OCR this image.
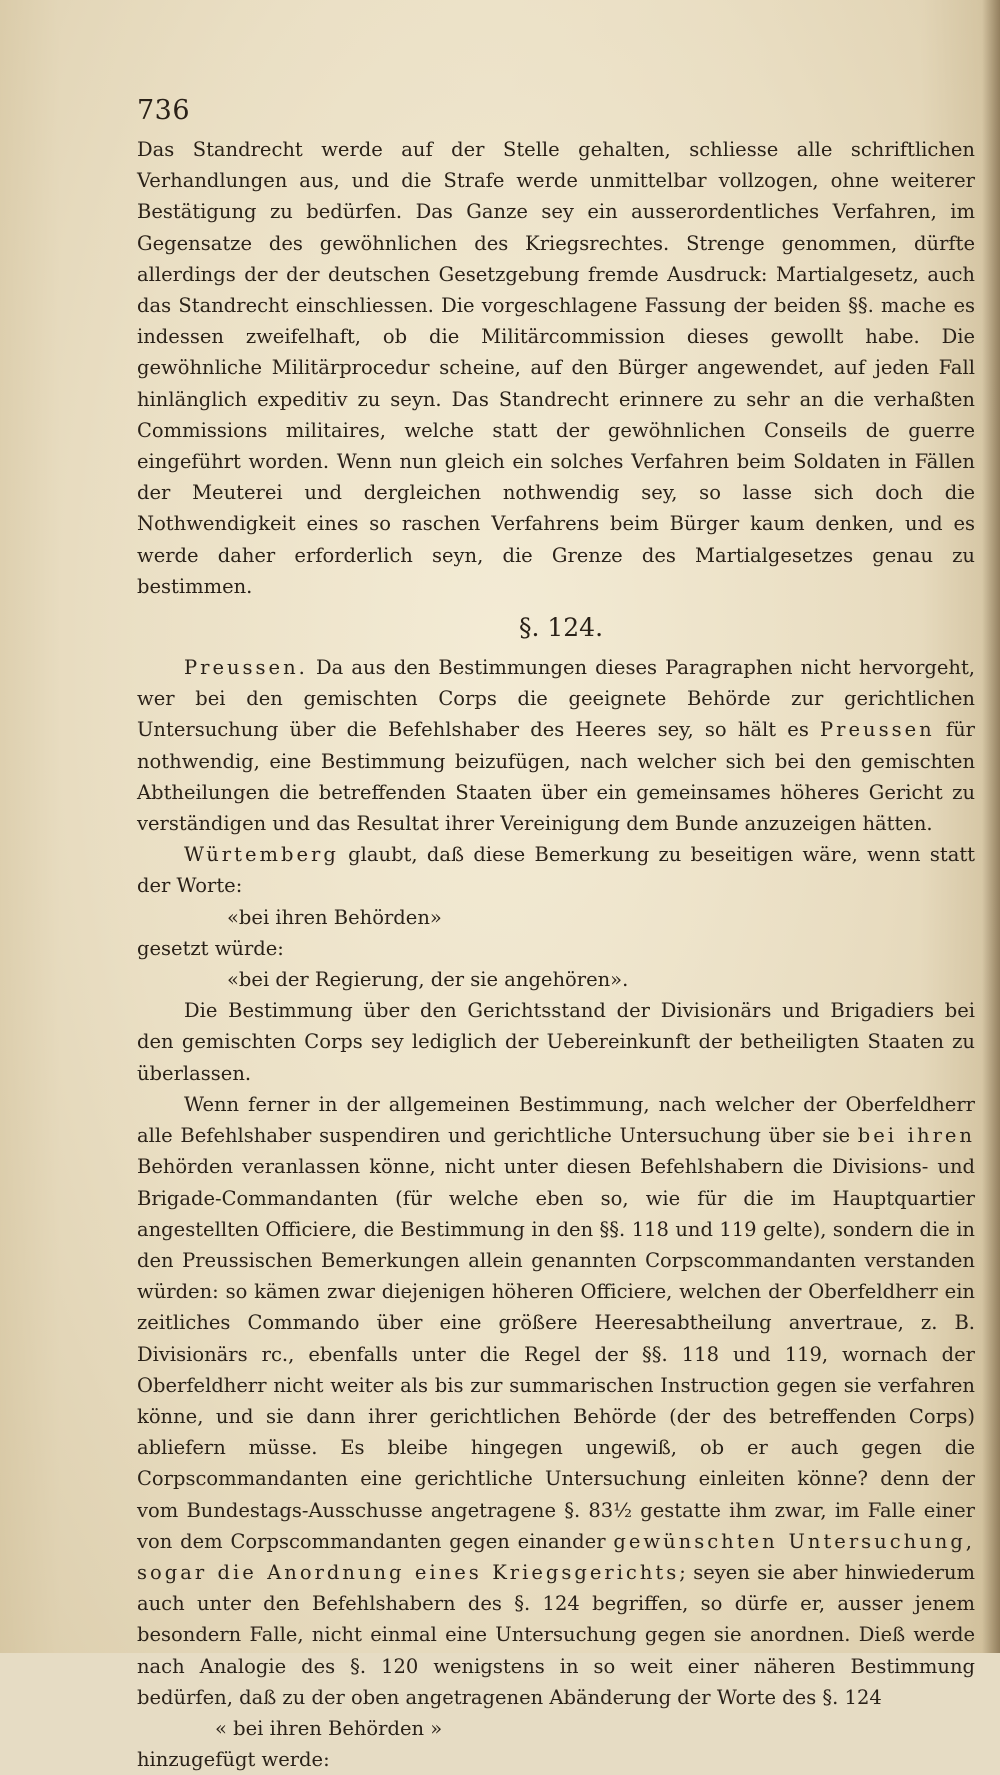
736

Das Standrecht werde auf der Stelle gehalten, schliesse alle schriftlichen Verhandlungen aus, und die Strafe werde unmittelbar vollzogen, ohne weiterer Bestätigung zu bedürfen. Das Ganze sey ein ausserordentliches Verfahren, im Gegensatze des gewöhnlichen des Kriegsrechtes. Strenge genommen, dürfte allerdings der der deutschen Gesetzgebung fremde Ausdruck: Martialgesetz, auch das Standrecht einschliessen. Die vorgeschlagene Fassung der beiden §§. mache es indessen zweifelhaft, ob die Militärcommission dieses gewollt habe. Die gewöhnliche Militärprocedur scheine, auf den Bürger angewendet, auf jeden Fall hinlänglich expeditiv zu seyn. Das Standrecht erinnere zu sehr an die verhaßten Commissions militaires, welche statt der gewöhnlichen Conseils de guerre eingeführt worden. Wenn nun gleich ein solches Verfahren beim Soldaten in Fällen der Meuterei und dergleichen nothwendig sey, so lasse sich doch die Nothwendigkeit eines so raschen Verfahrens beim Bürger kaum denken, und es werde daher erforderlich seyn, die Grenze des Martialgesetzes genau zu bestimmen.

§. 124.

Preussen. Da aus den Bestimmungen dieses Paragraphen nicht hervorgeht, wer bei den gemischten Corps die geeignete Behörde zur gerichtlichen Untersuchung über die Befehlshaber des Heeres sey, so hält es Preussen für nothwendig, eine Bestimmung beizufügen, nach welcher sich bei den gemischten Abtheilungen die betreffenden Staaten über ein gemeinsames höheres Gericht zu verständigen und das Resultat ihrer Vereinigung dem Bunde anzuzeigen hätten.

Würtemberg glaubt, daß diese Bemerkung zu beseitigen wäre, wenn statt der Worte:

«bei ihren Behörden»

gesetzt würde:

«bei der Regierung, der sie angehören».

Die Bestimmung über den Gerichtsstand der Divisionärs und Brigadiers bei den gemischten Corps sey lediglich der Uebereinkunft der betheiligten Staaten zu überlassen.

Wenn ferner in der allgemeinen Bestimmung, nach welcher der Oberfeldherr alle Befehlshaber suspendiren und gerichtliche Untersuchung über sie bei ihren Behörden veranlassen könne, nicht unter diesen Befehlshabern die Divisions- und Brigade-Commandanten (für welche eben so, wie für die im Hauptquartier angestellten Officiere, die Bestimmung in den §§. 118 und 119 gelte), sondern die in den Preussischen Bemerkungen allein genannten Corpscommandanten verstanden würden: so kämen zwar diejenigen höheren Officiere, welchen der Oberfeldherr ein zeitliches Commando über eine größere Heeresabtheilung anvertraue, z. B. Divisionärs rc., ebenfalls unter die Regel der §§. 118 und 119, wornach der Oberfeldherr nicht weiter als bis zur summarischen Instruction gegen sie verfahren könne, und sie dann ihrer gerichtlichen Behörde (der des betreffenden Corps) abliefern müsse. Es bleibe hingegen ungewiß, ob er auch gegen die Corpscommandanten eine gerichtliche Untersuchung einleiten könne? denn der vom Bundestags-Ausschusse angetragene §. 83½ gestatte ihm zwar, im Falle einer von dem Corpscommandanten gegen einander gewünschten Untersuchung, sogar die Anordnung eines Kriegsgerichts; seyen sie aber hinwiederum auch unter den Befehlshabern des §. 124 begriffen, so dürfe er, ausser jenem besondern Falle, nicht einmal eine Untersuchung gegen sie anordnen. Dieß werde nach Analogie des §. 120 wenigstens in so weit einer näheren Bestimmung bedürfen, daß zu der oben angetragenen Abänderung der Worte des §. 124

« bei ihren Behörden »

hinzugefügt werde:
